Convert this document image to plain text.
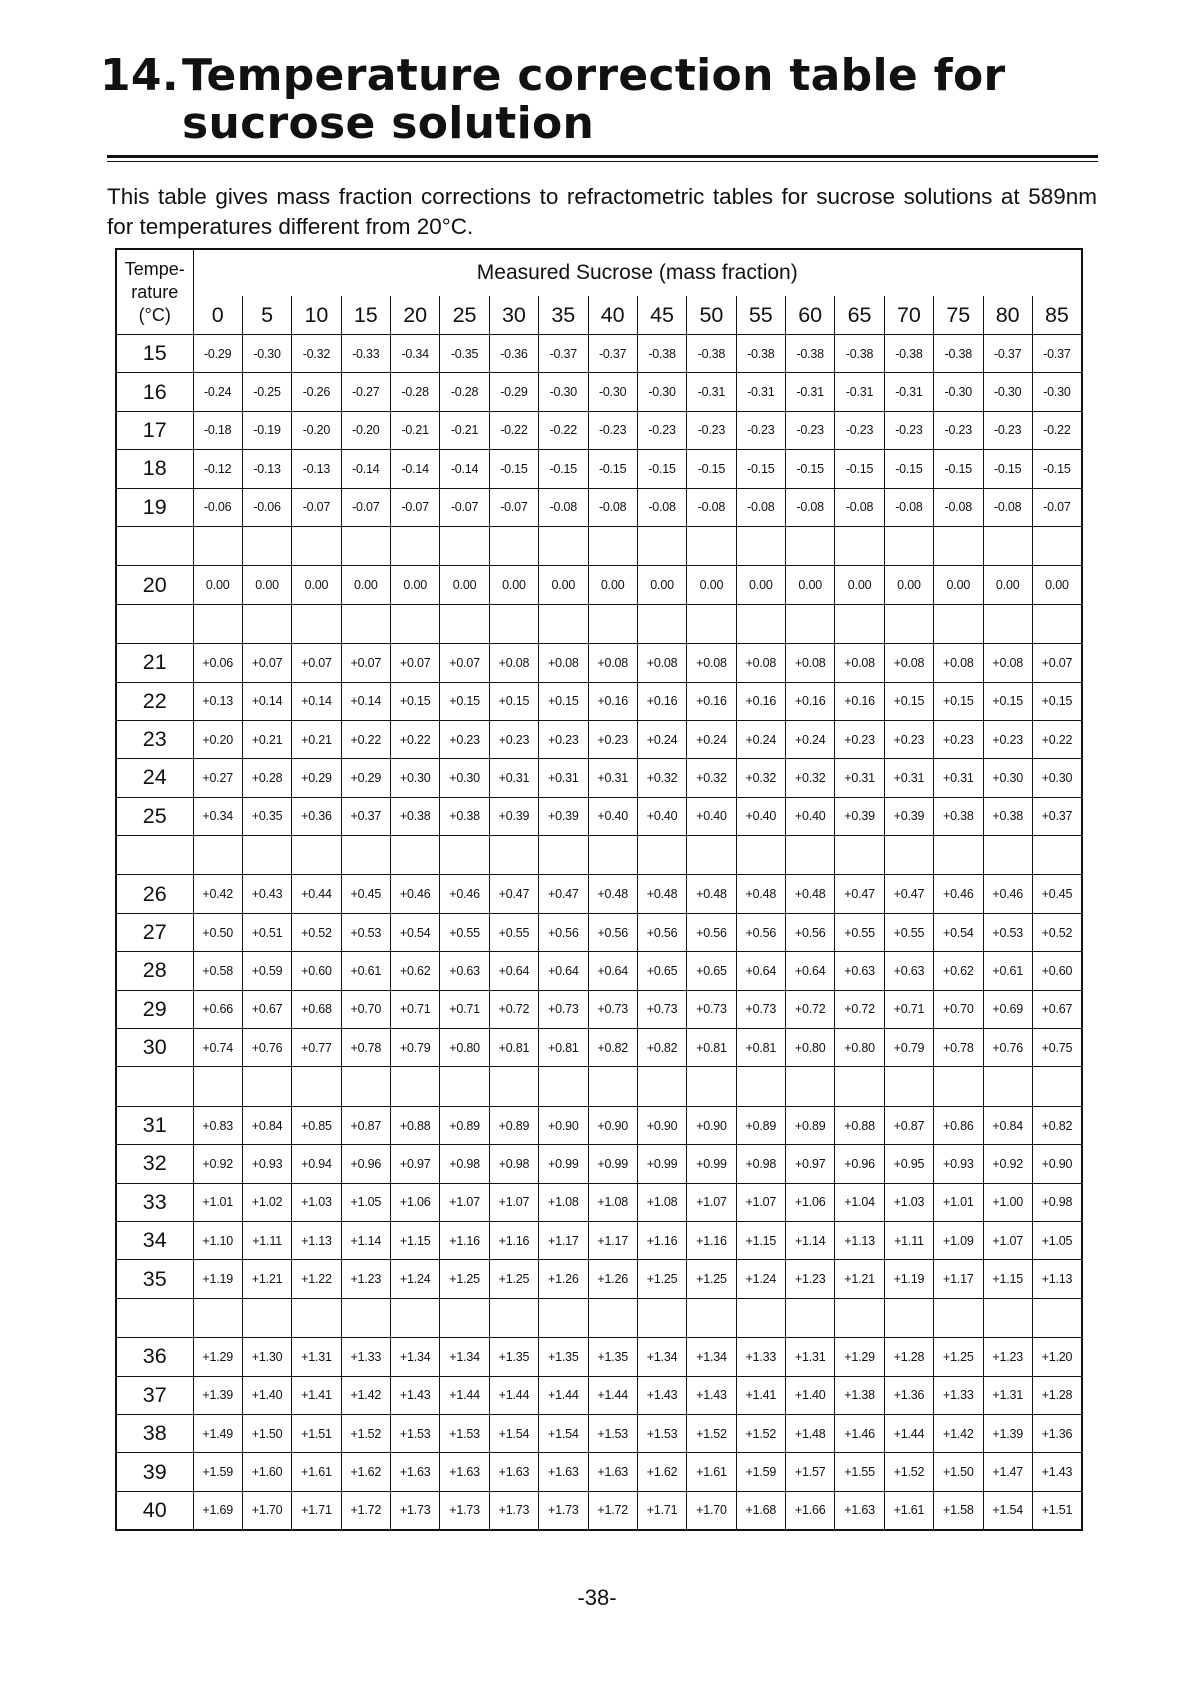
14.Temperature correction table for
sucrose solution

This table gives mass fraction corrections to refractometric tables for sucrose solutions at 589nm for temperatures different from 20°C.

Tempe-
rature
(°C)	Measured Sucrose (mass fraction)																	
	0	5	10	15	20	25	30	35	40	45	50	55	60	65	70	75	80	85
15	-0.29	-0.30	-0.32	-0.33	-0.34	-0.35	-0.36	-0.37	-0.37	-0.38	-0.38	-0.38	-0.38	-0.38	-0.38	-0.38	-0.37	-0.37
16	-0.24	-0.25	-0.26	-0.27	-0.28	-0.28	-0.29	-0.30	-0.30	-0.30	-0.31	-0.31	-0.31	-0.31	-0.31	-0.30	-0.30	-0.30
17	-0.18	-0.19	-0.20	-0.20	-0.21	-0.21	-0.22	-0.22	-0.23	-0.23	-0.23	-0.23	-0.23	-0.23	-0.23	-0.23	-0.23	-0.22
18	-0.12	-0.13	-0.13	-0.14	-0.14	-0.14	-0.15	-0.15	-0.15	-0.15	-0.15	-0.15	-0.15	-0.15	-0.15	-0.15	-0.15	-0.15
19	-0.06	-0.06	-0.07	-0.07	-0.07	-0.07	-0.07	-0.08	-0.08	-0.08	-0.08	-0.08	-0.08	-0.08	-0.08	-0.08	-0.08	-0.07

20	0.00	0.00	0.00	0.00	0.00	0.00	0.00	0.00	0.00	0.00	0.00	0.00	0.00	0.00	0.00	0.00	0.00	0.00

21	+0.06	+0.07	+0.07	+0.07	+0.07	+0.07	+0.08	+0.08	+0.08	+0.08	+0.08	+0.08	+0.08	+0.08	+0.08	+0.08	+0.08	+0.07
22	+0.13	+0.14	+0.14	+0.14	+0.15	+0.15	+0.15	+0.15	+0.16	+0.16	+0.16	+0.16	+0.16	+0.16	+0.15	+0.15	+0.15	+0.15
23	+0.20	+0.21	+0.21	+0.22	+0.22	+0.23	+0.23	+0.23	+0.23	+0.24	+0.24	+0.24	+0.24	+0.23	+0.23	+0.23	+0.23	+0.22
24	+0.27	+0.28	+0.29	+0.29	+0.30	+0.30	+0.31	+0.31	+0.31	+0.32	+0.32	+0.32	+0.32	+0.31	+0.31	+0.31	+0.30	+0.30
25	+0.34	+0.35	+0.36	+0.37	+0.38	+0.38	+0.39	+0.39	+0.40	+0.40	+0.40	+0.40	+0.40	+0.39	+0.39	+0.38	+0.38	+0.37

26	+0.42	+0.43	+0.44	+0.45	+0.46	+0.46	+0.47	+0.47	+0.48	+0.48	+0.48	+0.48	+0.48	+0.47	+0.47	+0.46	+0.46	+0.45
27	+0.50	+0.51	+0.52	+0.53	+0.54	+0.55	+0.55	+0.56	+0.56	+0.56	+0.56	+0.56	+0.56	+0.55	+0.55	+0.54	+0.53	+0.52
28	+0.58	+0.59	+0.60	+0.61	+0.62	+0.63	+0.64	+0.64	+0.64	+0.65	+0.65	+0.64	+0.64	+0.63	+0.63	+0.62	+0.61	+0.60
29	+0.66	+0.67	+0.68	+0.70	+0.71	+0.71	+0.72	+0.73	+0.73	+0.73	+0.73	+0.73	+0.72	+0.72	+0.71	+0.70	+0.69	+0.67
30	+0.74	+0.76	+0.77	+0.78	+0.79	+0.80	+0.81	+0.81	+0.82	+0.82	+0.81	+0.81	+0.80	+0.80	+0.79	+0.78	+0.76	+0.75

31	+0.83	+0.84	+0.85	+0.87	+0.88	+0.89	+0.89	+0.90	+0.90	+0.90	+0.90	+0.89	+0.89	+0.88	+0.87	+0.86	+0.84	+0.82
32	+0.92	+0.93	+0.94	+0.96	+0.97	+0.98	+0.98	+0.99	+0.99	+0.99	+0.99	+0.98	+0.97	+0.96	+0.95	+0.93	+0.92	+0.90
33	+1.01	+1.02	+1.03	+1.05	+1.06	+1.07	+1.07	+1.08	+1.08	+1.08	+1.07	+1.07	+1.06	+1.04	+1.03	+1.01	+1.00	+0.98
34	+1.10	+1.11	+1.13	+1.14	+1.15	+1.16	+1.16	+1.17	+1.17	+1.16	+1.16	+1.15	+1.14	+1.13	+1.11	+1.09	+1.07	+1.05
35	+1.19	+1.21	+1.22	+1.23	+1.24	+1.25	+1.25	+1.26	+1.26	+1.25	+1.25	+1.24	+1.23	+1.21	+1.19	+1.17	+1.15	+1.13

36	+1.29	+1.30	+1.31	+1.33	+1.34	+1.34	+1.35	+1.35	+1.35	+1.34	+1.34	+1.33	+1.31	+1.29	+1.28	+1.25	+1.23	+1.20
37	+1.39	+1.40	+1.41	+1.42	+1.43	+1.44	+1.44	+1.44	+1.44	+1.43	+1.43	+1.41	+1.40	+1.38	+1.36	+1.33	+1.31	+1.28
38	+1.49	+1.50	+1.51	+1.52	+1.53	+1.53	+1.54	+1.54	+1.53	+1.53	+1.52	+1.52	+1.48	+1.46	+1.44	+1.42	+1.39	+1.36
39	+1.59	+1.60	+1.61	+1.62	+1.63	+1.63	+1.63	+1.63	+1.63	+1.62	+1.61	+1.59	+1.57	+1.55	+1.52	+1.50	+1.47	+1.43
40	+1.69	+1.70	+1.71	+1.72	+1.73	+1.73	+1.73	+1.73	+1.72	+1.71	+1.70	+1.68	+1.66	+1.63	+1.61	+1.58	+1.54	+1.51
-38-
